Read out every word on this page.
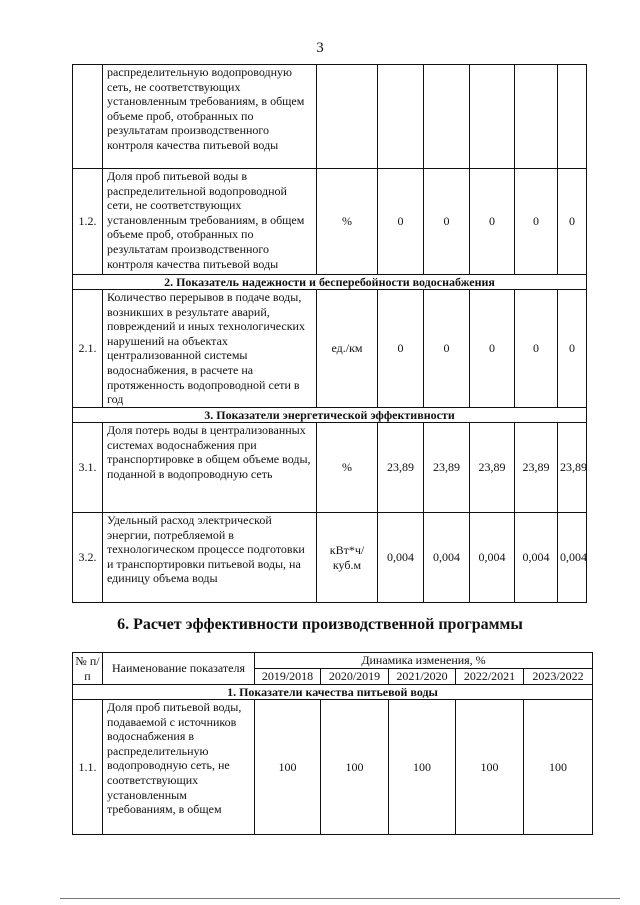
3
	распределительную водопроводную сеть, не соответствующих установленным требованиям, в общем объеме проб, отобранных по результатам производственного контроля качества питьевой воды						
1.2.	Доля проб питьевой воды в распределительной водопроводной сети, не соответствующих установленным требованиям, в общем объеме проб, отобранных по результатам производственного контроля качества питьевой воды	%	0	0	0	0	0
2. Показатель надежности и бесперебойности водоснабжения							
2.1.	Количество перерывов в подаче воды, возникших в результате аварий, повреждений и иных технологических нарушений на объектах централизованной системы водоснабжения, в расчете на протяженность водопроводной сети в год	ед./км	0	0	0	0	0
3. Показатели энергетической эффективности							
3.1.	Доля потерь воды в централизованных системах водоснабжения при транспортировке в общем объеме воды, поданной в водопроводную сеть	%	23,89	23,89	23,89	23,89	23,89
3.2.	Удельный расход электрической энергии, потребляемой в технологическом процессе подготовки и транспортировки питьевой воды, на единицу объема воды	кВт*ч/ куб.м	0,004	0,004	0,004	0,004	0,004
6. Расчет эффективности производственной программы
№ п/п	Наименование показателя	Динамика изменения, %				
		2019/2018	2020/2019	2021/2020	2022/2021	2023/2022
1. Показатели качества питьевой воды						
1.1.	Доля проб питьевой воды, подаваемой с источников водоснабжения в распределительную водопроводную сеть, не соответствующих установленным требованиям, в общем	100	100	100	100	100
